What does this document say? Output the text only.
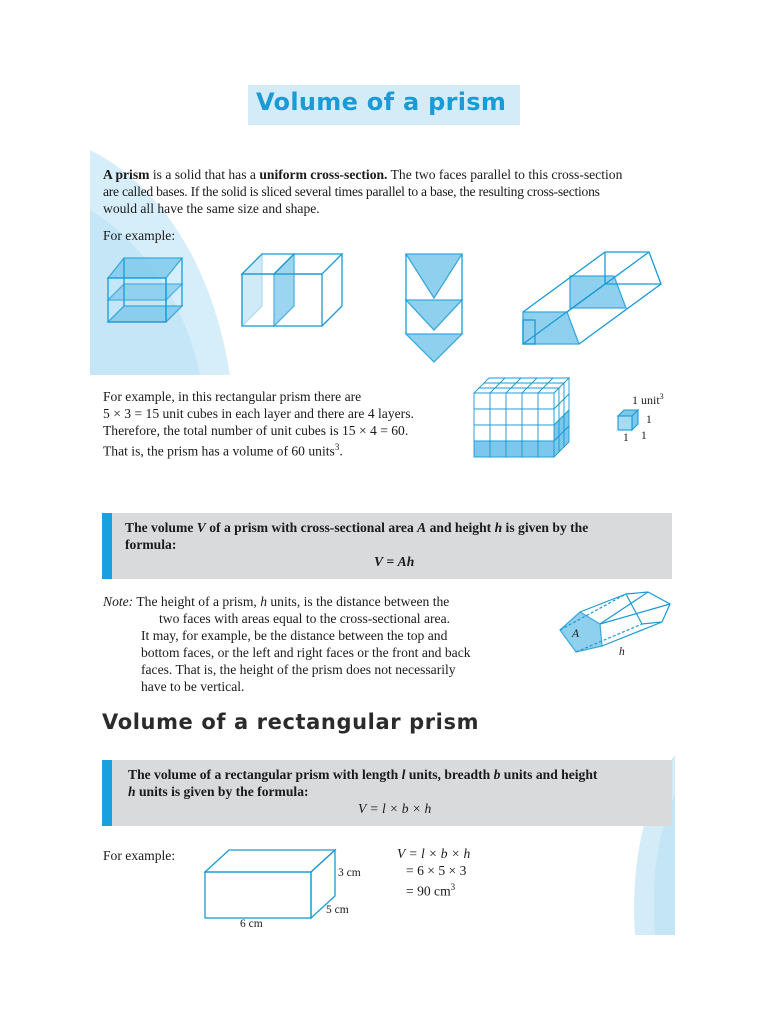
Volume of a prism
A prism is a solid that has a uniform cross-section. The two faces parallel to this cross-section
are called bases. If the solid is sliced several times parallel to a base, the resulting cross-sections
would all have the same size and shape.
For example:
For example, in this rectangular prism there are
5 × 3 = 15 unit cubes in each layer and there are 4 layers.
Therefore, the total number of unit cubes is 15 × 4 = 60.
That is, the prism has a volume of 60 units$^3$.
1 unit$^3$
1
1 1
The volume V of a prism with cross-sectional area A and height h is given by the
formula:
V = Ah
Note: The height of a prism, h units, is the distance between the
two faces with areas equal to the cross-sectional area.
It may, for example, be the distance between the top and
bottom faces, or the left and right faces or the front and back
faces. That is, the height of the prism does not necessarily
have to be vertical.
A
h
Volume of a rectangular prism
The volume of a rectangular prism with length l units, breadth b units and height
h units is given by the formula:
V = l × b × h
For example:
3 cm
5 cm
6 cm
V = l × b × h
= 6 × 5 × 3
= 90 $cm^3$
